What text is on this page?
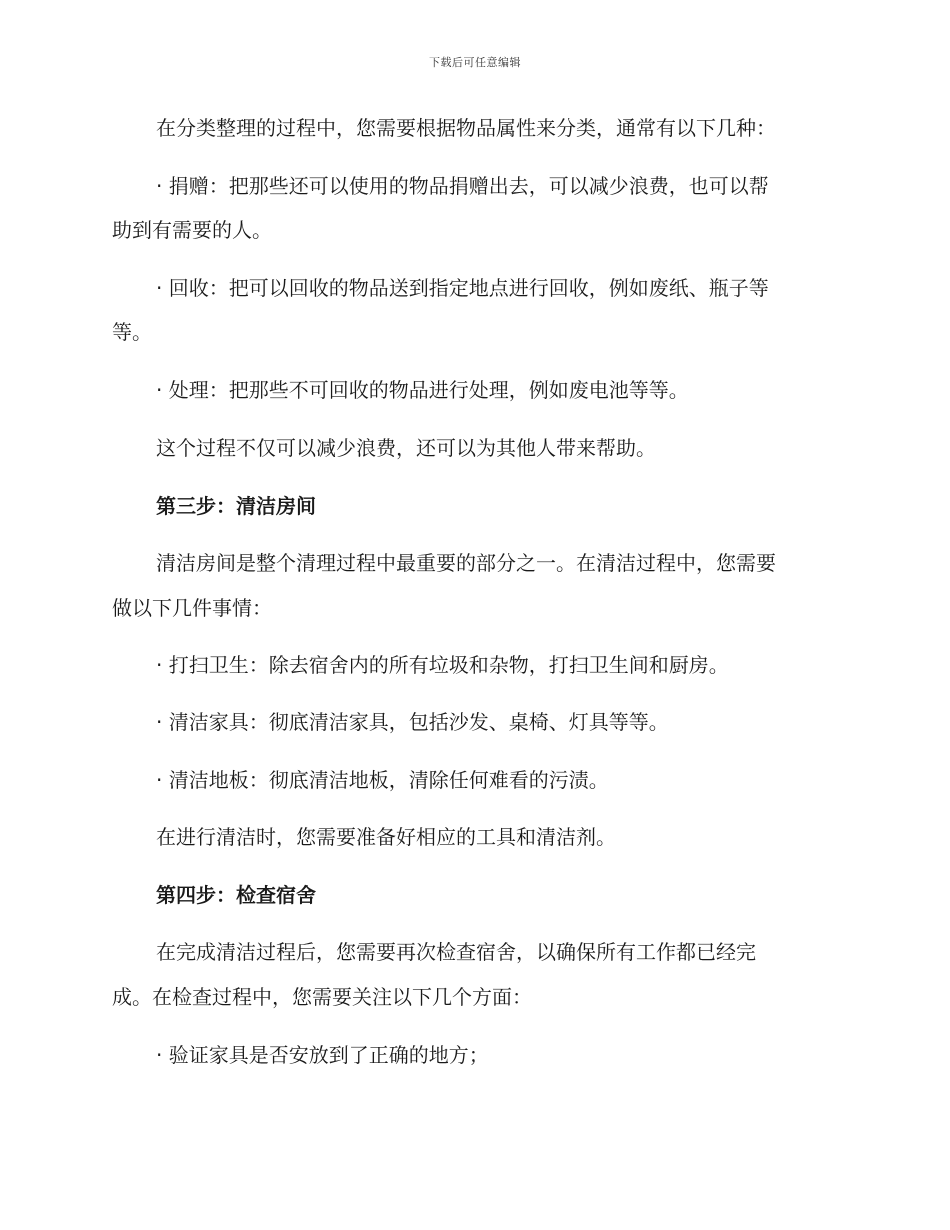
下载后可任意编辑
在分类整理的过程中，您需要根据物品属性来分类，通常有以下几种：
· 捐赠：把那些还可以使用的物品捐赠出去，可以减少浪费，也可以帮
助到有需要的人。
· 回收：把可以回收的物品送到指定地点进行回收，例如废纸、瓶子等
等。
· 处理：把那些不可回收的物品进行处理，例如废电池等等。
这个过程不仅可以减少浪费，还可以为其他人带来帮助。
第三步：清洁房间
清洁房间是整个清理过程中最重要的部分之一。在清洁过程中，您需要
做以下几件事情：
· 打扫卫生：除去宿舍内的所有垃圾和杂物，打扫卫生间和厨房。
· 清洁家具：彻底清洁家具，包括沙发、桌椅、灯具等等。
· 清洁地板：彻底清洁地板，清除任何难看的污渍。
在进行清洁时，您需要准备好相应的工具和清洁剂。
第四步：检查宿舍
在完成清洁过程后，您需要再次检查宿舍，以确保所有工作都已经完
成。在检查过程中，您需要关注以下几个方面：
· 验证家具是否安放到了正确的地方；
